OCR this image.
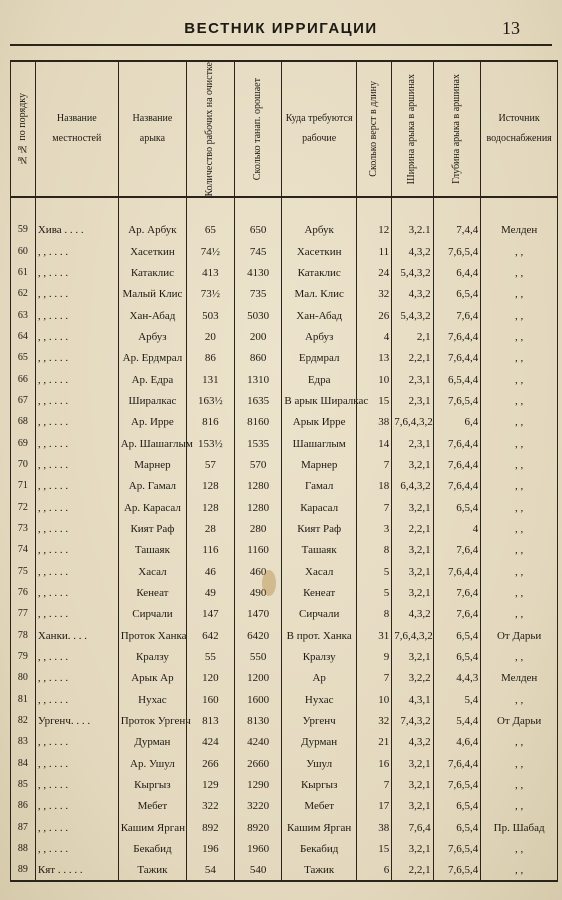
ВЕСТНИК ИРРИГАЦИИ	13
№№ по порядку	Название местностей	Название арыка	Количество рабочих на очистке	Сколько танап. орошает	Куда требуются рабочие	Сколько верст в длину	Ширина арыка в аршинах	Глубина арыка в аршинах	Источник водоснабжения

59	Хива . . . .	Ар. Арбук	65	650	Арбук	12	3,2.1	7,4,4	Мелден
60	, , . . . .	Хасеткин	74½	745	Хасеткин	11	4,3,2	7,6,5,4	, ,
61	, , . . . .	Катаклис	413	4130	Катаклис	24	5,4,3,2	6,4,4	, ,
62	, , . . . .	Малый Клис	73½	735	Мал. Клис	32	4,3,2	6,5,4	, ,
63	, , . . . .	Хан-Абад	503	5030	Хан-Абад	26	5,4,3,2	7,6,4	, ,
64	, , . . . .	Арбуз	20	200	Арбуз	4	2,1	7,6,4,4	, ,
65	, , . . . .	Ар. Ердмрал	86	860	Ердмрал	13	2,2,1	7,6,4,4	, ,
66	, , . . . .	Ар. Едра	131	1310	Едра	10	2,3,1	6,5,4,4	, ,
67	, , . . . .	Ширалкас	163½	1635	В арык Ширалкас	15	2,3,1	7,6,5,4	, ,
68	, , . . . .	Ар. Ирре	816	8160	Арык Ирре	38	7,6,4,3,2	6,4	, ,
69	, , . . . .	Ар. Шашаглым	153½	1535	Шашаглым	14	2,3,1	7,6,4,4	, ,
70	, , . . . .	Марнер	57	570	Марнер	7	3,2,1	7,6,4,4	, ,
71	, , . . . .	Ар. Гамал	128	1280	Гамал	18	6,4,3,2	7,6,4,4	, ,
72	, , . . . .	Ар. Карасал	128	1280	Карасал	7	3,2,1	6,5,4	, ,
73	, , . . . .	Кият Раф	28	280	Кият Раф	3	2,2,1	4	, ,
74	, , . . . .	Ташаяк	116	1160	Ташаяк	8	3,2,1	7,6,4	, ,
75	, , . . . .	Хасал	46	460	Хасал	5	3,2,1	7,6,4,4	, ,
76	, , . . . .	Кенеат	49	490	Кенеат	5	3,2,1	7,6,4	, ,
77	, , . . . .	Сирчали	147	1470	Сирчали	8	4,3,2	7,6,4	, ,
78	Ханки. . . .	Проток Ханка	642	6420	В прот. Ханка	31	7,6,4,3,2	6,5,4	От Дарьи
79	, , . . . .	Кралзу	55	550	Кралзу	9	3,2,1	6,5,4	, ,
80	, , . . . .	Арык Ар	120	1200	Ар	7	3,2,2	4,4,3	Мелден
81	, , . . . .	Нухас	160	1600	Нухас	10	4,3,1	5,4	, ,
82	Ургенч. . . .	Проток Ургенч	813	8130	Ургенч	32	7,4,3,2	5,4,4	От Дарьи
83	, , . . . .	Дурман	424	4240	Дурман	21	4,3,2	4,6,4	, ,
84	, , . . . .	Ар. Ушул	266	2660	Ушул	16	3,2,1	7,6,4,4	, ,
85	, , . . . .	Кыргыз	129	1290	Кыргыз	7	3,2,1	7,6,5,4	, ,
86	, , . . . .	Мебет	322	3220	Мебет	17	3,2,1	6,5,4	, ,
87	, , . . . .	Кашим Ярган	892	8920	Кашим Ярган	38	7,6,4	6,5,4	Пр. Шабад
88	, , . . . .	Бекабид	196	1960	Бекабид	15	3,2,1	7,6,5,4	, ,
89	Кят . . . . .	Тажик	54	540	Тажик	6	2,2,1	7,6,5,4	, ,
